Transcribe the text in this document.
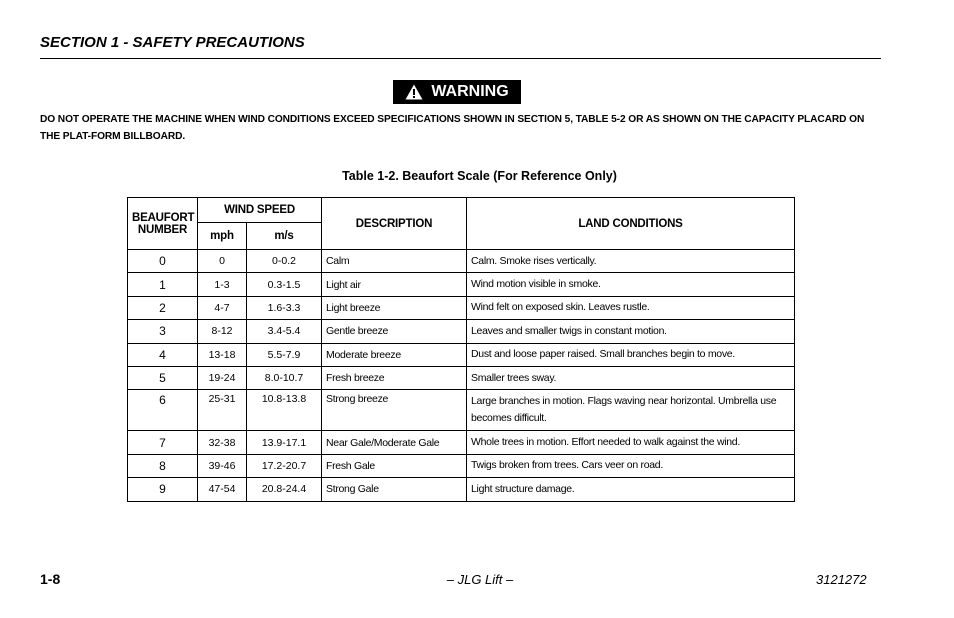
SECTION 1 - SAFETY PRECAUTIONS
WARNING
DO NOT OPERATE THE MACHINE WHEN WIND CONDITIONS EXCEED SPECIFICATIONS SHOWN IN SECTION 5, TABLE 5-2 OR AS SHOWN ON THE CAPACITY PLACARD ON THE PLAT-FORM BILLBOARD.
Table 1-2. Beaufort Scale (For Reference Only)
BEAUFORT
NUMBER	WIND SPEED		DESCRIPTION	LAND CONDITIONS
	mph	m/s		
0	0	0-0.2	Calm	Calm. Smoke rises vertically.
1	1-3	0.3-1.5	Light air	Wind motion visible in smoke.
2	4-7	1.6-3.3	Light breeze	Wind felt on exposed skin. Leaves rustle.
3	8-12	3.4-5.4	Gentle breeze	Leaves and smaller twigs in constant motion.
4	13-18	5.5-7.9	Moderate breeze	Dust and loose paper raised. Small branches begin to move.
5	19-24	8.0-10.7	Fresh breeze	Smaller trees sway.
6	25-31	10.8-13.8	Strong breeze	Large branches in motion. Flags waving near horizontal. Umbrella use becomes difficult.
7	32-38	13.9-17.1	Near Gale/Moderate Gale	Whole trees in motion. Effort needed to walk against the wind.
8	39-46	17.2-20.7	Fresh Gale	Twigs broken from trees. Cars veer on road.
9	47-54	20.8-24.4	Strong Gale	Light structure damage.
1-8	– JLG Lift –	3121272
